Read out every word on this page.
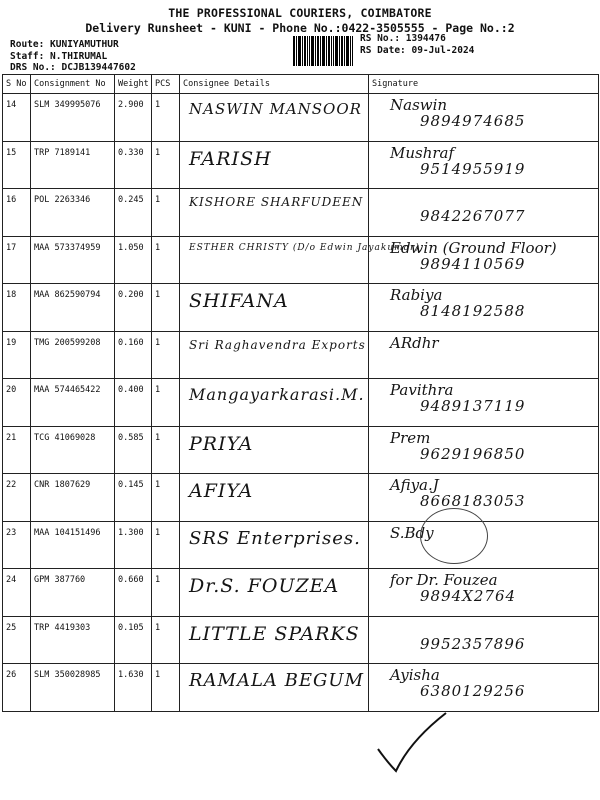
THE PROFESSIONAL COURIERS, COIMBATORE
Delivery Runsheet - KUNI - Phone No.:0422-3505555 - Page No.:2
Route: KUNIYAMUTHUR
Staff: N.THIRUMAL
DRS No.: DCJB139447602
RS No.: 1394476
RS Date: 09-Jul-2024
S No	Consignment No	Weight	PCS	Consignee Details	Signature
14	SLM 349995076	2.900	1	NASWIN MANSOOR	Naswin
9894974685

15	TRP 7189141	0.330	1	FARISH	Mushraf
9514955919

16	POL 2263346	0.245	1	KISHORE SHARFUDEEN	9842267077

17	MAA 573374959	1.050	1	ESTHER CHRISTY (D/o Edwin Jayakumar)	Edwin (Ground Floor)
9894110569

18	MAA 862590794	0.200	1	SHIFANA	Rabiya
8148192588

19	TMG 200599208	0.160	1	Sri Raghavendra Exports	ARdhr

20	MAA 574465422	0.400	1	Mangayarkarasi.M.	Pavithra
9489137119

21	TCG 41069028	0.585	1	PRIYA	Prem
9629196850

22	CNR 1807629	0.145	1	AFIYA	Afiya.J
8668183053

23	MAA 104151496	1.300	1	SRS Enterprises.	S.Bdy

24	GPM 387760	0.660	1	Dr.S. FOUZEA	for Dr. Fouzea
9894X2764

25	TRP 4419303	0.105	1	LITTLE SPARKS	9952357896

26	SLM 350028985	1.630	1	RAMALA BEGUM	Ayisha
6380129256
